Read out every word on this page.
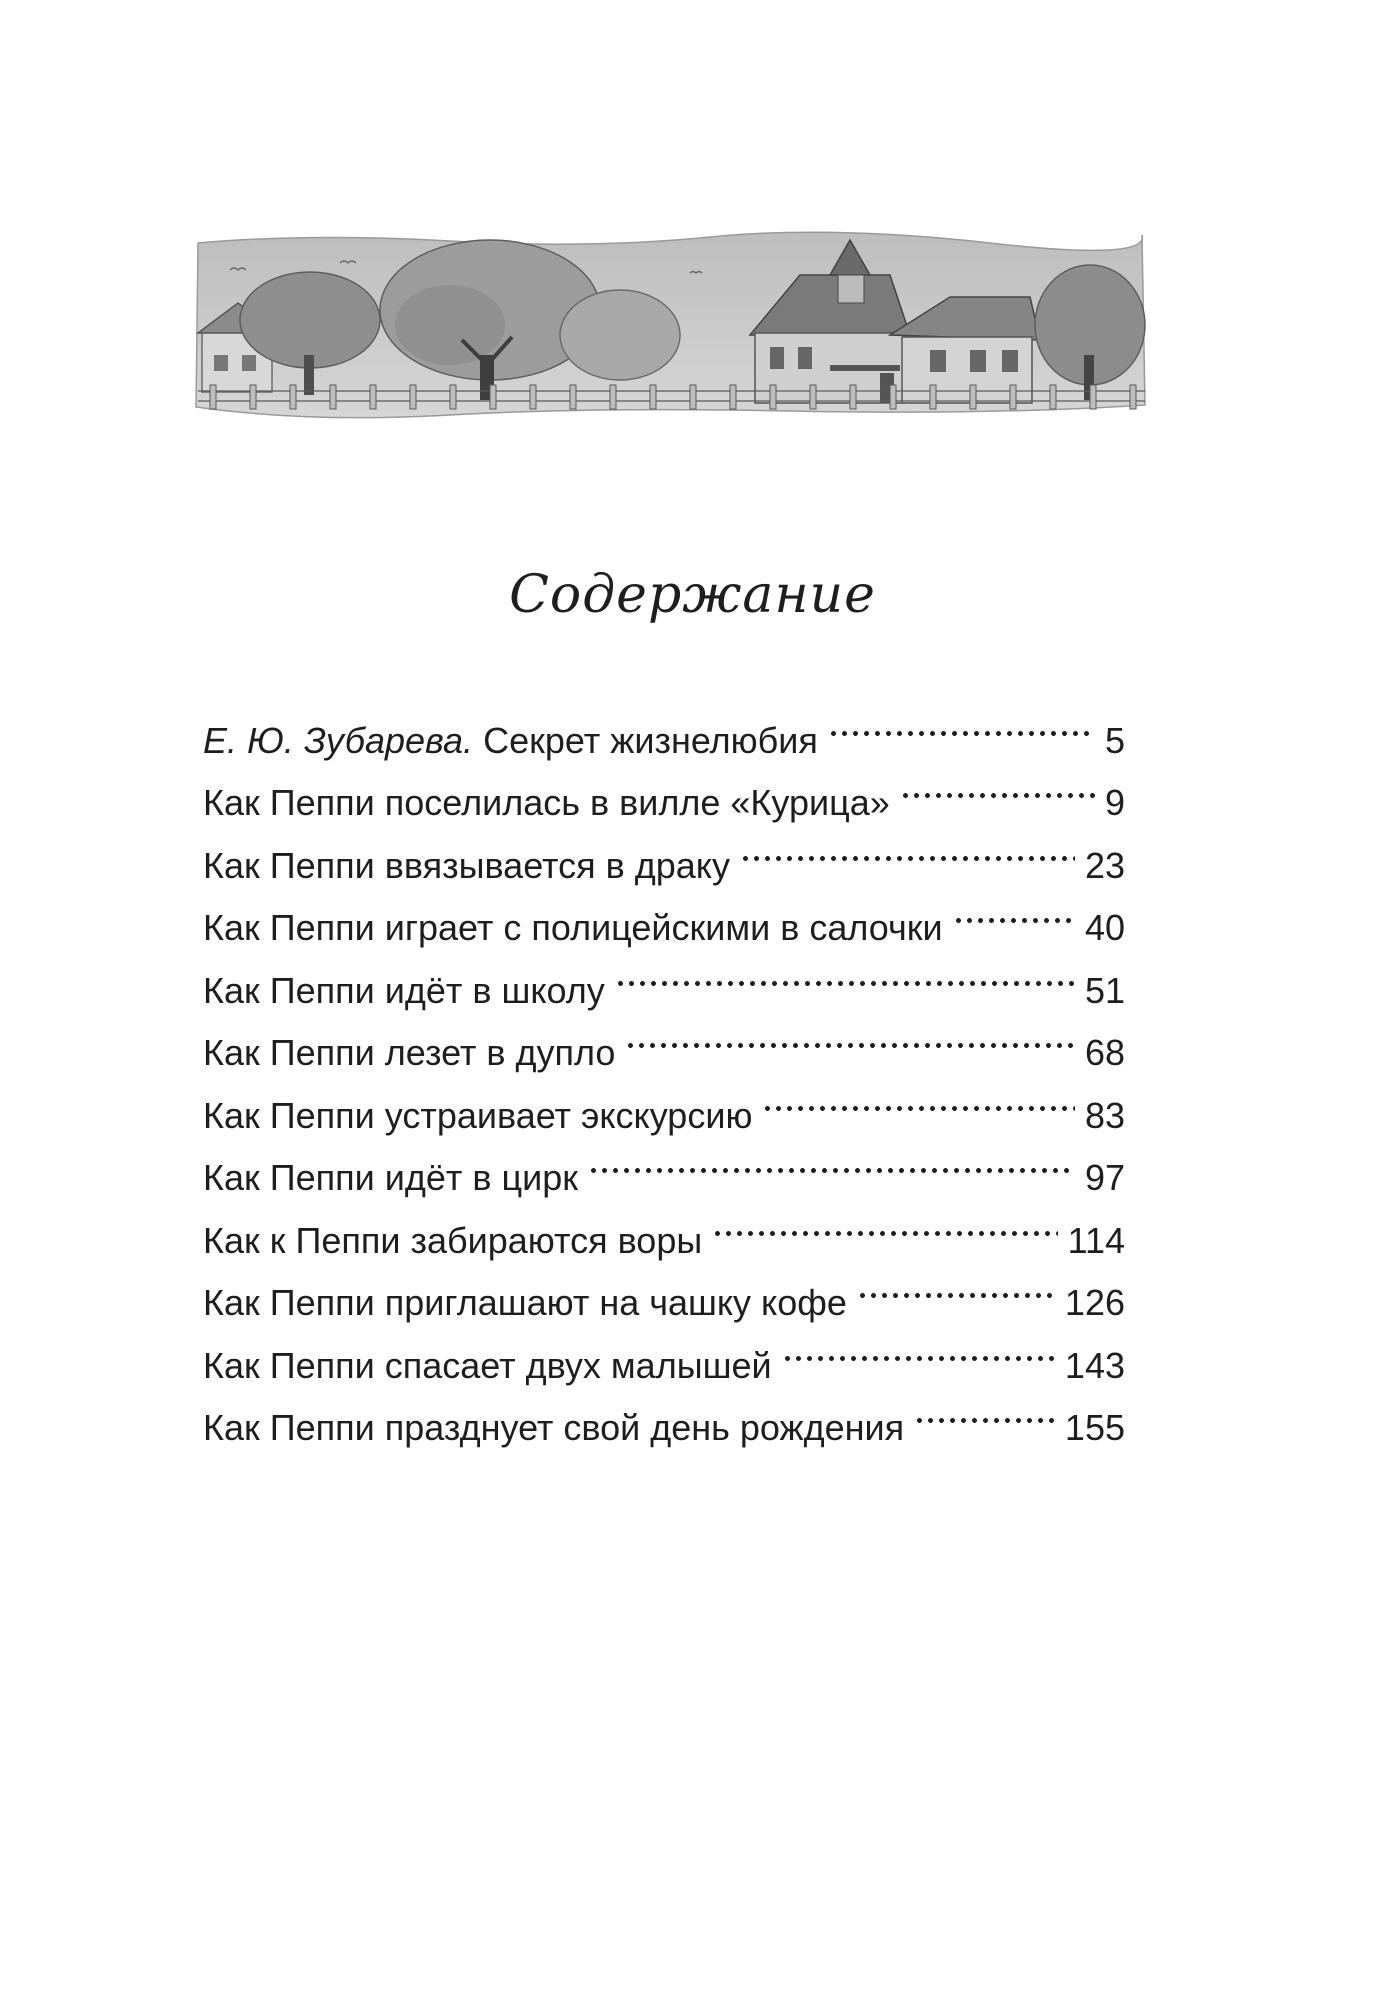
Содержание
Е. Ю. Зубарева. Секрет жизнелюбия	5
Как Пеппи поселилась в вилле «Курица»	9
Как Пеппи ввязывается в драку	23
Как Пеппи играет с полицейскими в салочки	40
Как Пеппи идёт в школу	51
Как Пеппи лезет в дупло	68
Как Пеппи устраивает экскурсию	83
Как Пеппи идёт в цирк	97
Как к Пеппи забираются воры	114
Как Пеппи приглашают на чашку кофе	126
Как Пеппи спасает двух малышей	143
Как Пеппи празднует свой день рождения	155
